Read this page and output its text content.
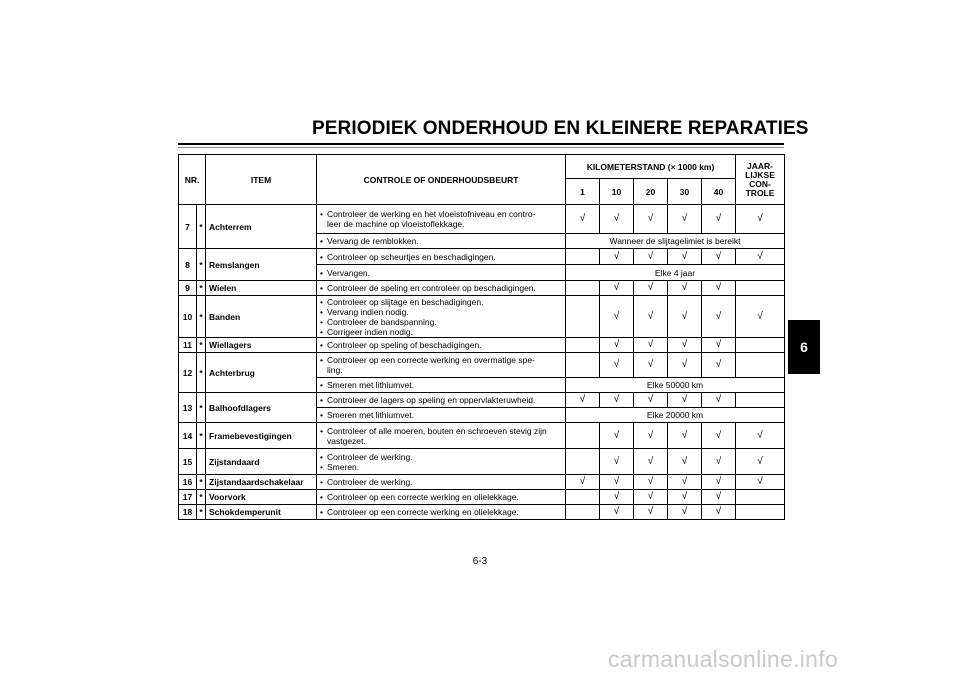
PERIODIEK ONDERHOUD EN KLEINERE REPARATIES
NR.		ITEM	CONTROLE OF ONDERHOUDSBEURT	KILOMETERSTAND (× 1000 km)					JAAR-
LIJKSE
CON-
TROLE
				1	10	20	30	40	
7	*	Achterrem	• Controleer de werking en het vloeistofniveau en contro-
leer de machine op vloeistoflekkage.	√	√	√	√	√	√

			• Vervang de remblokken.	Wanneer de slijtagelimiet is bereikt					
8	*	Remslangen	• Controleer op scheurtjes en beschadigingen.		√	√	√	√	√

			• Vervangen.	Elke 4 jaar					
9	*	Wielen	• Controleer de speling en controleer op beschadigingen.		√	√	√	√	
10	*	Banden	• Controleer op slijtage en beschadigingen.
• Vervang indien nodig.
• Controleer de bandspanning.
• Corrigeer indien nodig.		√	√	√	√	√
11	*	Wiellagers	• Controleer op speling of beschadigingen.		√	√	√	√	
12	*	Achterbrug	• Controleer op een correcte werking en overmatige spe-
ling.		√	√	√	√	

			• Smeren met lithiumvet.	Elke 50000 km					
13	*	Balhoofdlagers	• Controleer de lagers op speling en oppervlakteruwheid.	√	√	√	√	√	

			• Smeren met lithiumvet.	Elke 20000 km					
14	*	Framebevestigingen	• Controleer of alle moeren, bouten en schroeven stevig zijn
vastgezet.		√	√	√	√	√
15		Zijstandaard	• Controleer de werking.
• Smeren.		√	√	√	√	√
16	*	Zijstandaardschakelaar	• Controleer de werking.	√	√	√	√	√	√
17	*	Voorvork	• Controleer op een correcte werking en olielekkage.		√	√	√	√	
18	*	Schokdemperunit	• Controleer op een correcte werking en olielekkage.		√	√	√	√	
6
6-3
carmanualsonline.info
